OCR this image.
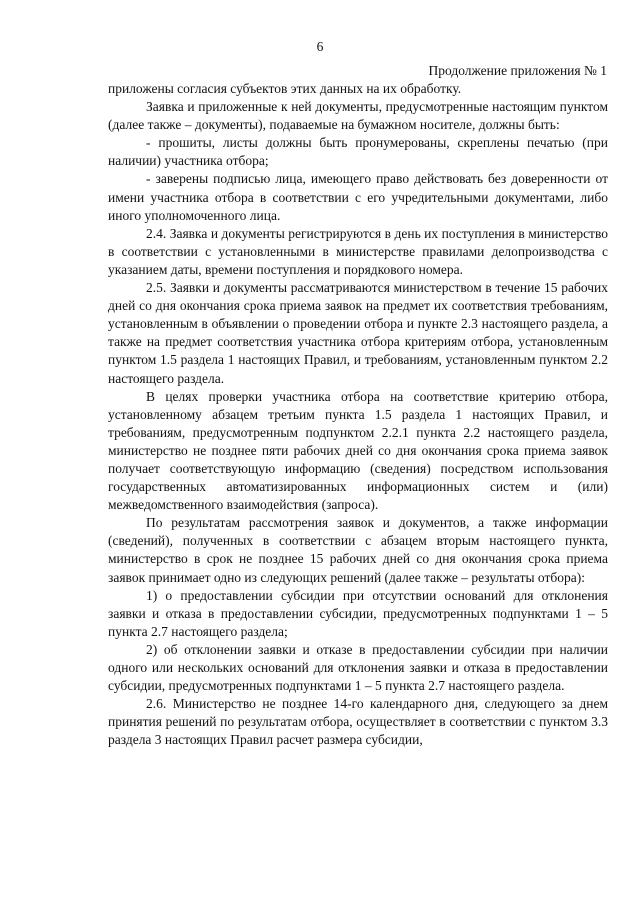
6
Продолжение приложения № 1

приложены согласия субъектов этих данных на их обработку.

Заявка и приложенные к ней документы, предусмотренные настоящим пунктом (далее также – документы), подаваемые на бумажном носителе, должны быть:

- прошиты, листы должны быть пронумерованы, скреплены печатью (при наличии) участника отбора;

- заверены подписью лица, имеющего право действовать без доверенности от имени участника отбора в соответствии с его учредительными документами, либо иного уполномоченного лица.

2.4. Заявка и документы регистрируются в день их поступления в министерство в соответствии с установленными в министерстве правилами делопроизводства с указанием даты, времени поступления и порядкового номера.

2.5. Заявки и документы рассматриваются министерством в течение 15 рабочих дней со дня окончания срока приема заявок на предмет их соответствия требованиям, установленным в объявлении о проведении отбора и пункте 2.3 настоящего раздела, а также на предмет соответствия участника отбора критериям отбора, установленным пунктом 1.5 раздела 1 настоящих Правил, и требованиям, установленным пунктом 2.2 настоящего раздела.

В целях проверки участника отбора на соответствие критерию отбора, установленному абзацем третьим пункта 1.5 раздела 1 настоящих Правил, и требованиям, предусмотренным подпунктом 2.2.1 пункта 2.2 настоящего раздела, министерство не позднее пяти рабочих дней со дня окончания срока приема заявок получает соответствующую информацию (сведения) посредством использования государственных автоматизированных информационных систем и (или) межведомственного взаимодействия (запроса).

По результатам рассмотрения заявок и документов, а также информации (сведений), полученных в соответствии с абзацем вторым настоящего пункта, министерство в срок не позднее 15 рабочих дней со дня окончания срока приема заявок принимает одно из следующих решений (далее также – результаты отбора):

1) о предоставлении субсидии при отсутствии оснований для отклонения заявки и отказа в предоставлении субсидии, предусмотренных подпунктами 1 – 5 пункта 2.7 настоящего раздела;

2) об отклонении заявки и отказе в предоставлении субсидии при наличии одного или нескольких оснований для отклонения заявки и отказа в предоставлении субсидии, предусмотренных подпунктами 1 – 5 пункта 2.7 настоящего раздела.

2.6. Министерство не позднее 14-го календарного дня, следующего за днем принятия решений по результатам отбора, осуществляет в соответствии с пунктом 3.3 раздела 3 настоящих Правил расчет размера субсидии,
